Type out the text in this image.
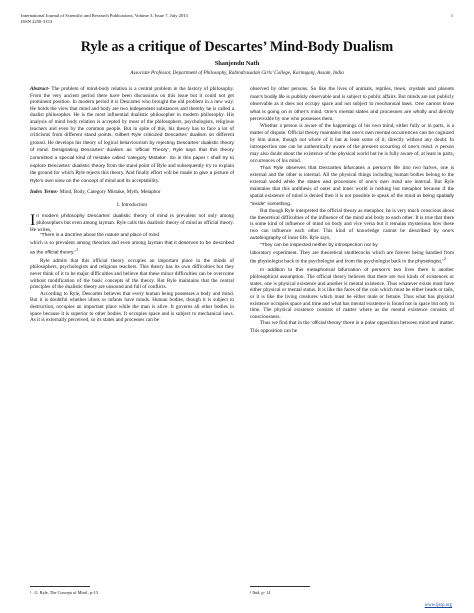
International Journal of Scientific and Research Publications, Volume 3, Issue 7, July 2013
ISSN 2250-3153
1
Ryle as a critique of Descartes’ Mind-Body Dualism
Shanjendu Nath
Associate Professor, Department of Philosophy, Rabindrasadan Girls’ College, Karimganj, Assam, India

Abstract- The problem of mind-body relation is a central problem in the history of philosophy. From the very ancient period there have been discussions on this issue but it could not get prominent position. In modern period it is Descartes who brought the old problem in a new way. He holds the view that mind and body are two independent substances and thereby he is called a dualist philosopher. He is the most influential dualistic philosopher in modern philosophy. His analysis of mind body relation is accepted by most of the philosophers, psychologists, religious teachers and even by the common people. But in spite of this, his theory has to face a lot of criticisms from different stand points. Gilbert Ryle criticized Descartes’ dualism on different ground. He develops his theory of logical behaviourism by rejecting Descartes’ dualistic theory of mind. Designating Descartes’ dualism as ‘official Theory’, Ryle says that this theory committed a special kind of mistake called ‘category Mistake’. So in this paper I shall try to explore Descartes’ dualistic theory from the stand point of Ryle and subsequently try to explain the ground for which Ryle rejects this theory. And finally effort will be made to give a picture of Ryle’s own view on the concept of mind and its acceptability.

Index Terms- Mind, Body, Category Mistake, Myth, Metaphor

I. Introduction

In modern philosophy Descartes’ dualistic theory of mind is prevalent not only among philosophers but even among layman. Ryle calls this dualistic theory of mind as official theory. He writes,

“There is a doctrine about the nature and place of mind

which is so prevalent among theorists and even among layman that it deserves to be described as the official theory.”$^1$

Ryle admits that this official theory occupies an important place in the minds of philosophers, psychologists and religious teachers. This theory has its own difficulties but they never think of it to be major difficulties and believe that these minor difficulties can be overcome without modification of the basic concepts of the theory. But Ryle maintains that the central principles of the dualistic theory are unsound and full of conflicts.

According to Ryle, Descartes believes that every human being possesses a body and mind. But it is doubtful whether idiots or infants have minds. Human bodies, though it is subject to destruction, occupies an important place while the man is alive. It governs all other bodies in space because it is superior to other bodies. It occupies space and is subject to mechanical laws. As it is externally perceived, so its states and processes can be

observed by other persons. So like the lives of animals, reptiles, trees, crystals and planets man’s bodily life is publicly observable and is subject to public affairs. But minds are not publicly observable as it does not occupy space and not subject to mechanical laws. One cannot know what is going on in other’s mind. One’s mental states and processes are wholly and directly perceivable by one who possesses them.

Whether a person is aware of the happenings of his own mind, either fully or in parts, is a matter of dispute. Official theory maintains that one’s own mental occurrences can be cognized by him alone, though not whole of it but at least some of it, directly without any doubt. In introspection one can be authentically aware of the present occurring of one’s mind. A person may also doubt about the existence of the physical world but he is fully aware of, at least in parts, occurrences of his mind.

Thus Ryle observes that Descartes bifurcates a person’s life into two halves, one is external and the other is internal. All the physical things including human bodies belong to the external world while the states and processes of one’s own mind are internal. But Ryle maintains that this antithesis of outer and inner world is nothing but metaphor because if the spatial existence of mind is denied then it is not possible to speak of the mind as being spatially “inside” something.

But though Ryle interpreted the official theory as metaphor, he is very much conscious about the theoretical difficulties of the influence of the mind and body to each other. It is true that there is some kind of influence of mind on body and vice versa but it remains mysterious how these two can influence each other. This kind of knowledge cannot be described by one’s autobiography of inner life. Ryle says,

“They can be inspected neither by introspection nor by

laboratory experiment. They are theoretical shuttlecocks which are forever being bandied from the physiologist back to the psychologist and from the psychologist back to the physiologist.”$^2$

In addition to this metaphorical bifurcation of person’s two lives there is another philosophical assumption. The official theory believes that there are two kinds of existences or states, one is physical existence and another is mental existence. Thus whatever exists must have either physical or mental status. It is like the faces of the coin which must be either heads or tails, or it is like the living creatures which must be either male or female. Thus what has physical existence occupies space and time and what has mental existence is found not in space but only in time. The physical existence consists of matter where as the mental existence consists of consciousness.

Thus we find that in the ‘official theory’ there is a polar opposition between mind and matter. This opposition can be

¹ . G. Ryle, The Concept of Mind , p-13	² Ibid, p- 14
www.ijsrp.org
